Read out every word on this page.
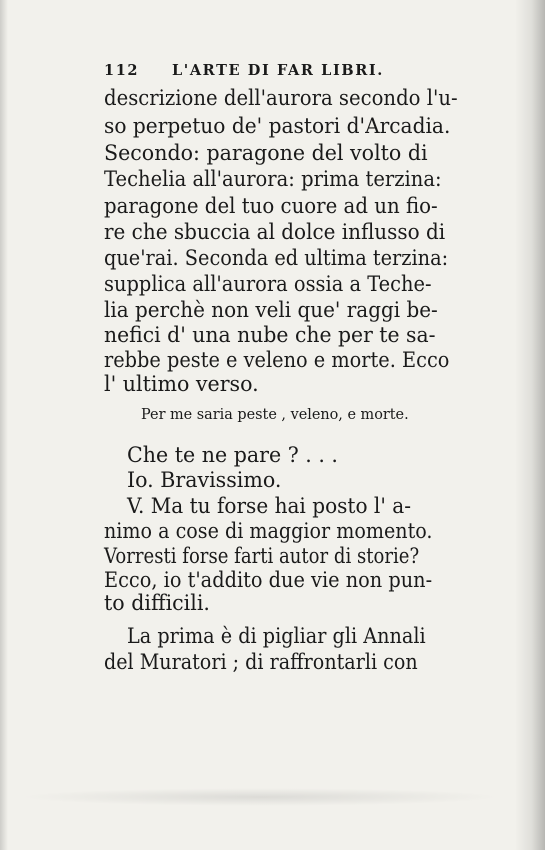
112 L'ARTE DI FAR LIBRI.
descrizione dell'aurora secondo l'u-
so perpetuo de' pastori d'Arcadia.
Secondo: paragone del volto di
Techelia all'aurora: prima terzina:
paragone del tuo cuore ad un fio-
re che sbuccia al dolce influsso di
que'rai. Seconda ed ultima terzina:
supplica all'aurora ossia a Teche-
lia perchè non veli que' raggi be-
nefici d' una nube che per te sa-
rebbe peste e veleno e morte. Ecco
l' ultimo verso.
Per me saria peste , veleno, e morte.
Che te ne pare ? . . .
Io. Bravissimo.
V. Ma tu forse hai posto l' a-
nimo a cose di maggior momento.
Vorresti forse farti autor di storie?
Ecco, io t'addito due vie non pun-
to difficili.
La prima è di pigliar gli Annali
del Muratori ; di raffrontarli con
